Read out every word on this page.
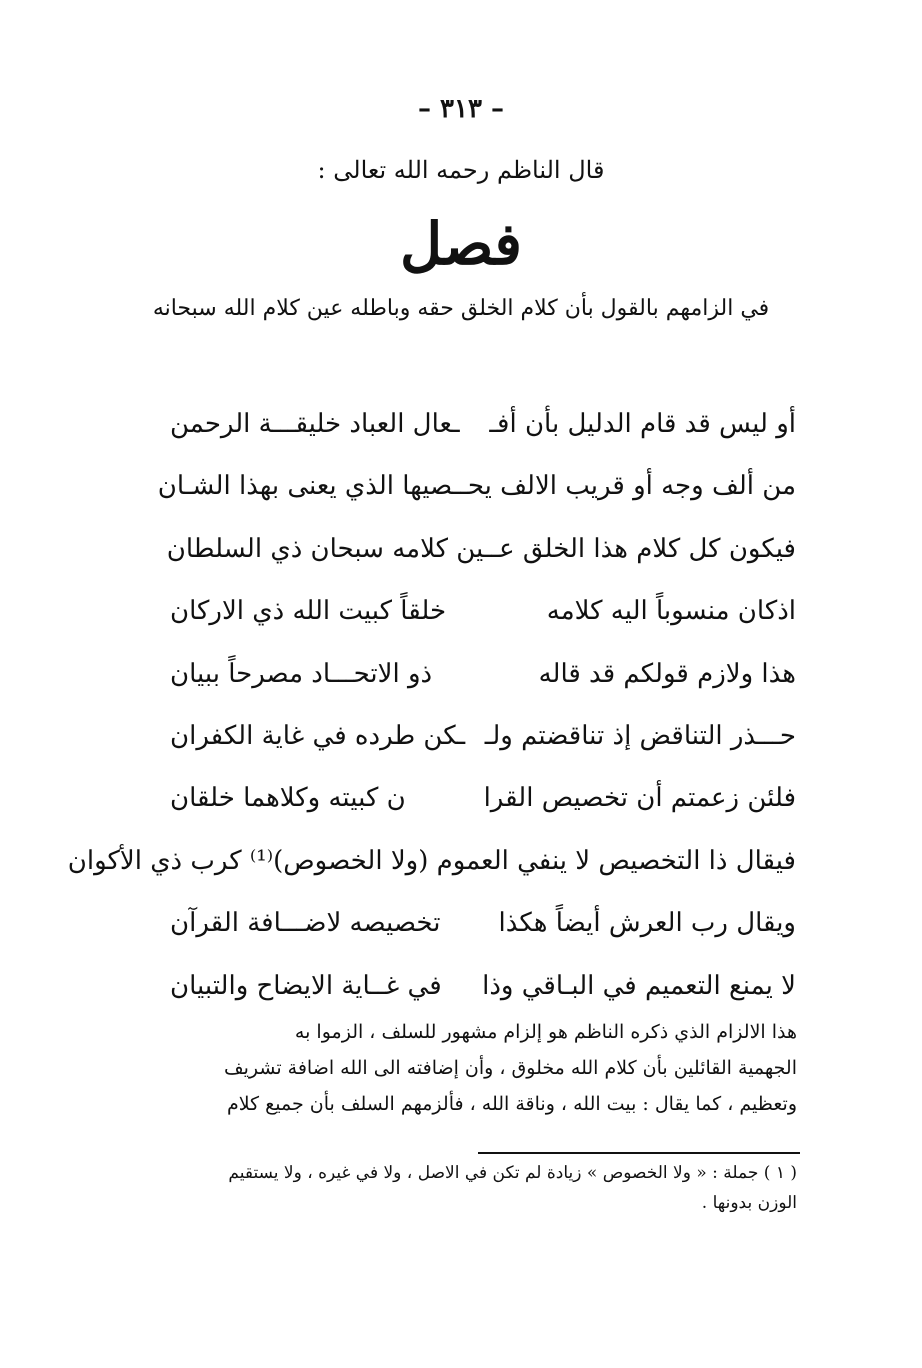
– ٣١٣ –
قال الناظم رحمه الله تعالى :
فصل
في الزامهم بالقول بأن كلام الخلق حقه وباطله عين كلام الله سبحانه
أو ليس قد قام الدليل بأن أفـ
ـعال العباد خليقـــة الرحمن
من ألف وجه أو قريب الالف يحـ
ـصيها الذي يعنى بهذا الشـان
فيكون كل كلام هذا الخلق عـ
ـين كلامه سبحان ذي السلطان
اذكان منسوباً اليه كلامه
خلقاً كبيت الله ذي الاركان
هذا ولازم قولكم قد قاله
ذو الاتحـــاد مصرحاً ببيان
حـــذر التناقض إذ تناقضتم ولـ
ـكن طرده في غاية الكفران
فلئن زعمتم أن تخصيص القرا
ن كبيته وكلاهما خلقان
فيقال ذا التخصيص لا ينفي العمو
م (ولا الخصوص)⁽¹⁾ كرب ذي الأكوان
ويقال رب العرش أيضاً هكذا
تخصيصه لاضـــافة القرآن
لا يمنع التعميم في البـاقي وذا
في غــاية الايضاح والتبيان

هذا الالزام الذي ذكره الناظم هو إلزام مشهور للسلف ، الزموا به

الجهمية القائلين بأن كلام الله مخلوق ، وأن إضافته الى الله اضافة تشريف

وتعظيم ، كما يقال : بيت الله ، وناقة الله ، فألزمهم السلف بأن جميع كلام

( ١ ) جملة : « ولا الخصوص » زيادة لم تكن في الاصل ، ولا في غيره ، ولا يستقيم

الوزن بدونها .
